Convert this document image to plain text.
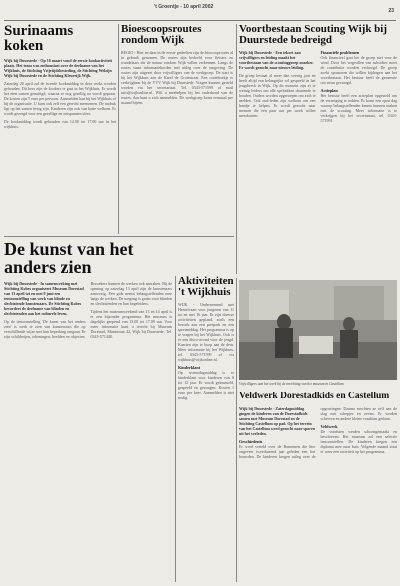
't Groentje - 10 april 2002
23
Surinaams koken

Wijk bij Duurstede - Op 16 maart vond de eerste kookactiviteit plaats. Het team was enthousiast over de deelname van het Wijkhuis, de Stichting Vrijetijdsbesteding, de Stichting Welzijn Wijk bij Duurstede en de Stichting Kleurrijk Wijk.

Zaterdag 20 april zal de tweede kookmiddag in deze reeks worden gehouden. Dit keer zijn de kookers te gast in het Wijkhuis. Er wordt het eten samen genuttigd, waarna er nog gezellig na wordt gepraat. De kosten zijn 5 euro per persoon. Aanmelden kan bij het Wijkhuis of bij de organisatie. U kunt ook zelf een gerecht meenemen. De nadruk ligt op het samen bezig zijn. Kinderen zijn ook van harte welkom. Er wordt gezorgd voor een gezellige en ontspannen sfeer.

De kookmiddag wordt gehouden van 14.00 tot 17.00 uur in het wijkhuis.

Bioescoopsroutes rondom Wijk

REGIO - Hier en daar in de eerste gedeelten zijn de bioscooproutes al in gebruik genomen. De routes zijn bedoeld voor fietsers en wandelaars die de natuur rondom Wijk willen verkennen. Langs de routes staan informatieborden met uitleg over de omgeving. De routes zijn uitgezet door vrijwilligers van de werkgroep. De start is bij het Wijkhuis aan de Karel de Grotestraat. Een routeboekje is verkrijgbaar bij de VVV Wijk bij Duurstede. Vragen kunnen gesteld worden via het secretariaat. Tel. 0343-571599 of mail info@wijkonline.nl. Wilt u meehelpen bij het onderhoud van de routes, dan kunt u zich aanmelden. De werkgroep komt eenmaal per maand bijeen.

Voortbestaan Scouting Wijk bij Duurstede bedreigd

Wijk bij Duurstede - Een tekort aan vrijwilligers en leiding maakt het voortbestaan van de scoutinggroep onzeker. Er wordt gezocht naar nieuwe leiding.

De groep bestaat al meer dan veertig jaar en heeft altijd een belangrijke rol gespeeld in het jeugdwerk in Wijk. Op dit moment zijn er te weinig leiders om alle speltakken draaiende te houden. Ouders worden opgeroepen om zich te melden. Ook oud-leden zijn welkom om een handje te helpen. Er wordt gezocht naar mensen die een paar uur per week willen meedraaien.

Financiële problemen

Ook financieel gaat het de groep niet voor de wind. Door het wegvallen van subsidies moet de contributie worden verhoogd. De groep zoekt sponsoren die willen bijdragen aan het voortbestaan. Het bestuur heeft de gemeente om steun gevraagd.

Actieplan

Het bestuur heeft een actieplan opgesteld om de vereniging te redden. Er komt een open dag waarop belangstellenden kennis kunnen maken met de scouting. Meer informatie is te verkrijgen bij het secretariaat, tel. 0343-571991.

De kunst van het anders zien

Wijk bij Duurstede - In samenwerking met Stichting Kobes organiseert Museum Dorestad van 13 april tot en met 9 juni een tentoonstelling van werk van blinde en slechtziende kunstenaars. De Stichting Kobes bevordert de deelname van blinden en slechtzienden aan het culturele leven.

Op de tentoonstelling 'De kunst van het anders zien' is werk te zien van kunstenaars die op verschillende wijze met hun beperking omgaan. Er zijn schilderijen, tekeningen, beelden en objecten. Bezoekers kunnen de werken ook aanraken. Bij de opening op zaterdag 13 april zijn de kunstenaars aanwezig. Een gids neemt belangstellenden mee langs de werken. De toegang is gratis voor blinden en slechtzienden en hun begeleiders.

Tijdens het museumweekend van 13 en 14 april is er een bijzonder programma. Het museum is dagelijks geopend van 13.00 tot 17.00 uur. Voor meer informatie kunt u terecht bij Museum Dorestad, Muntstraat 42, Wijk bij Duurstede. Tel. 0343-571448.

Aktiviteiten 't Wijkhuis

WIJK - Ondernemend met Hemelvaart voor jongeren van 11 tot en met 16 jaar. Er zijn diverse activiteiten gepland, zoals een bezoek aan een pretpark en een sportmiddag. Het programma is op te vragen bij het Wijkhuis. Ook is er een disco-avond voor de jeugd. Kaarten zijn te koop aan de deur. Meer informatie bij het Wijkhuis, tel. 0343-571599 of via wijkhuis@wijkonline.nl.

Kinderklant

Op woensdagmiddag is er kinderklant voor kinderen van 6 tot 12 jaar. Er wordt geknutseld, gespeeld en gezongen. Kosten 1 euro per keer. Aanmelden is niet nodig.

Vrijwilligers aan het werk bij de inrichting van het museum in Castellum
Veldwerk Dorestadkids en Castellum

Wijk bij Duurstede - Zaterdagmiddag gingen de kinderen van de Dorestadkids samen met Museum Dorestad en de Stichting Castellum op pad. Op het terrein van het Castellum werd gezocht naar sporen uit het verleden.

Geschiedenis

Er werd verteld over de Romeinen die hier ongeveer tweeduizend jaar geleden een fort bouwden. De kinderen kregen uitleg over de opgravingen. Daarna mochten ze zelf aan de slag met schepjes en zeven. Er werden scherven en andere kleine vondsten gedaan.

Veldwerk

De vondsten werden schoongemaakt en beschreven. Het museum zal een selectie tentoonstellen. De kinderen kregen een diploma mee naar huis. Volgende maand staat er weer een activiteit op het programma.
